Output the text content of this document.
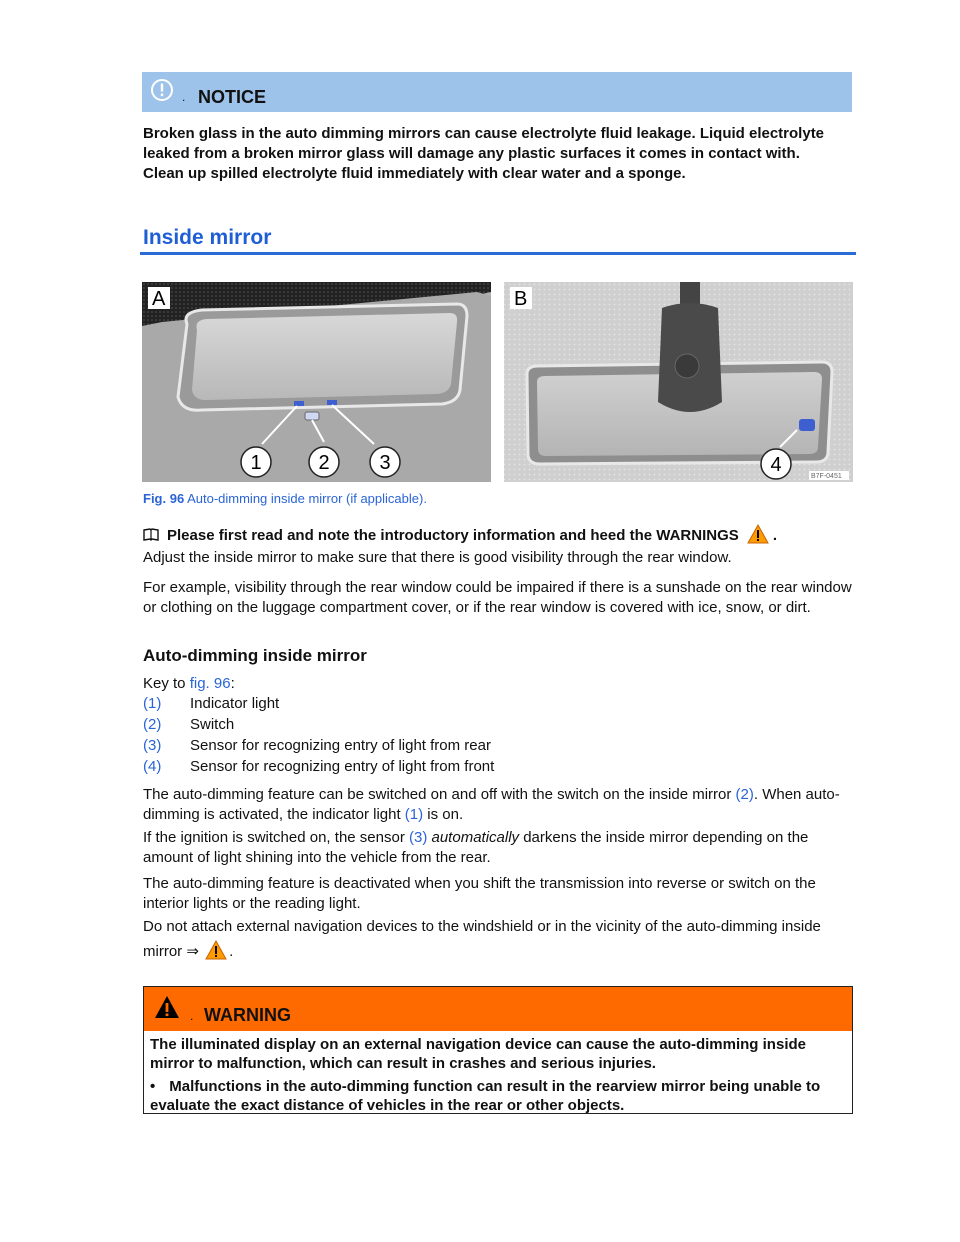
. NOTICE
Broken glass in the auto dimming mirrors can cause electrolyte fluid leakage. Liquid electrolyte leaked from a broken mirror glass will damage any plastic surfaces it comes in contact with. Clean up spilled electrolyte fluid immediately with clear water and a sponge.
Inside mirror
A
1	2 3
B
4
B7F-0451
Fig. 96 Auto-dimming inside mirror (if applicable).
Please first read and note the introductory information and heed the WARNINGS .
Adjust the inside mirror to make sure that there is good visibility through the rear window.
For example, visibility through the rear window could be impaired if there is a sunshade on the rear window or clothing on the luggage compartment cover, or if the rear window is covered with ice, snow, or dirt.
Auto-dimming inside mirror
Key to fig. 96:
(1) Indicator light
(2) Switch
(3) Sensor for recognizing entry of light from rear
(4) Sensor for recognizing entry of light from front
The auto-dimming feature can be switched on and off with the switch on the inside mirror (2). When auto-dimming is activated, the indicator light (1) is on.
If the ignition is switched on, the sensor (3) automatically darkens the inside mirror depending on the amount of light shining into the vehicle from the rear.
The auto-dimming feature is deactivated when you shift the transmission into reverse or switch on the interior lights or the reading light.
Do not attach external navigation devices to the windshield or in the vicinity of the auto-dimming inside
mirror ⇒ .
. WARNING
The illuminated display on an external navigation device can cause the auto-dimming inside mirror to malfunction, which can result in crashes and serious injuries.
• Malfunctions in the auto-dimming function can result in the rearview mirror being unable to evaluate the exact distance of vehicles in the rear or other objects.
